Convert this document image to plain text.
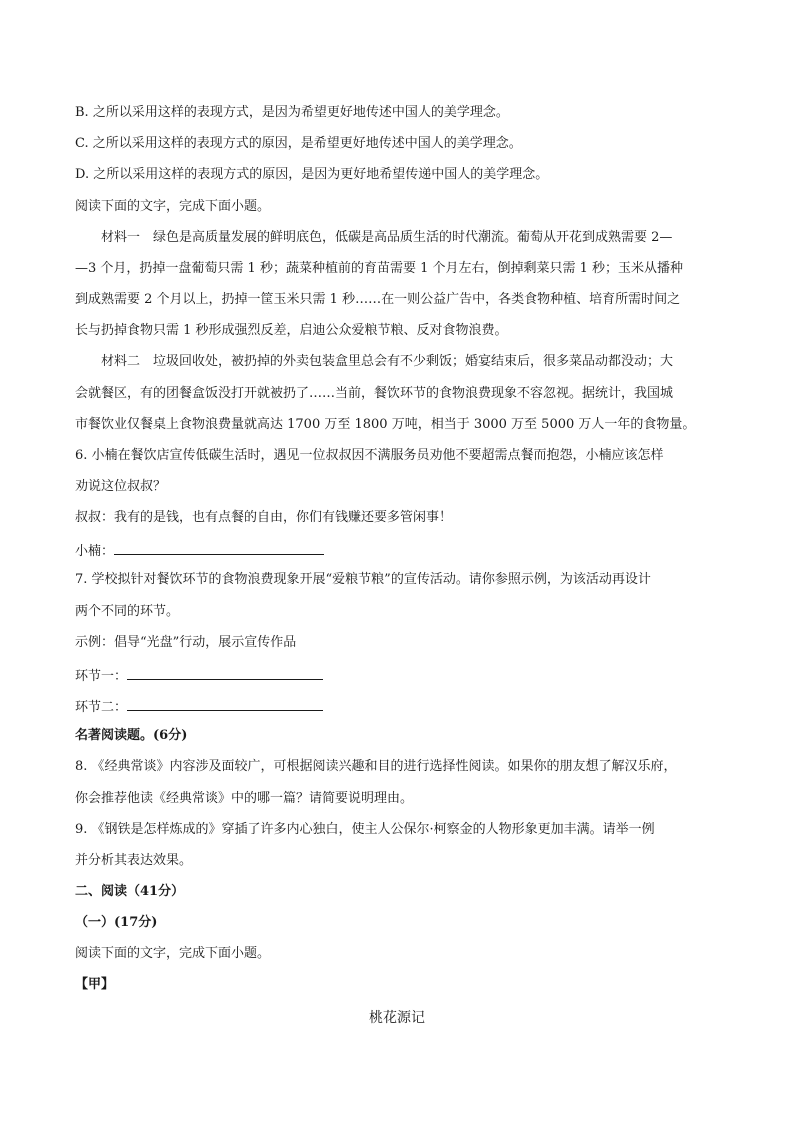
B. 之所以采用这样的表现方式，是因为希望更好地传述中国人的美学理念。
C. 之所以采用这样的表现方式的原因，是希望更好地传述中国人的美学理念。
D. 之所以采用这样的表现方式的原因，是因为更好地希望传递中国人的美学理念。
阅读下面的文字，完成下面小题。
材料一　绿色是高质量发展的鲜明底色，低碳是高品质生活的时代潮流。葡萄从开花到成熟需要 2—
—3 个月，扔掉一盘葡萄只需 1 秒；蔬菜种植前的育苗需要 1 个月左右，倒掉剩菜只需 1 秒；玉米从播种
到成熟需要 2 个月以上，扔掉一筐玉米只需 1 秒……在一则公益广告中，各类食物种植、培育所需时间之
长与扔掉食物只需 1 秒形成强烈反差，启迪公众爱粮节粮、反对食物浪费。
材料二　垃圾回收处，被扔掉的外卖包装盒里总会有不少剩饭；婚宴结束后，很多菜品动都没动；大
会就餐区，有的团餐盒饭没打开就被扔了……当前，餐饮环节的食物浪费现象不容忽视。据统计，我国城
市餐饮业仅餐桌上食物浪费量就高达 1700 万至 1800 万吨，相当于 3000 万至 5000 万人一年的食物量。
6. 小楠在餐饮店宣传低碳生活时，遇见一位叔叔因不满服务员劝他不要超需点餐而抱怨，小楠应该怎样
劝说这位叔叔？
叔叔：我有的是钱，也有点餐的自由，你们有钱赚还要多管闲事！
小楠：
7. 学校拟针对餐饮环节的食物浪费现象开展“爱粮节粮”的宣传活动。请你参照示例，为该活动再设计
两个不同的环节。
示例：倡导“光盘”行动，展示宣传作品
环节一：
环节二：
名著阅读题。(6分)
8. 《经典常谈》内容涉及面较广，可根据阅读兴趣和目的进行选择性阅读。如果你的朋友想了解汉乐府，
你会推荐他读《经典常谈》中的哪一篇？请简要说明理由。
9. 《钢铁是怎样炼成的》穿插了许多内心独白，使主人公保尔·柯察金的人物形象更加丰满。请举一例
并分析其表达效果。
二、阅读（41分）
（一）(17分)
阅读下面的文字，完成下面小题。
【甲】
桃花源记
